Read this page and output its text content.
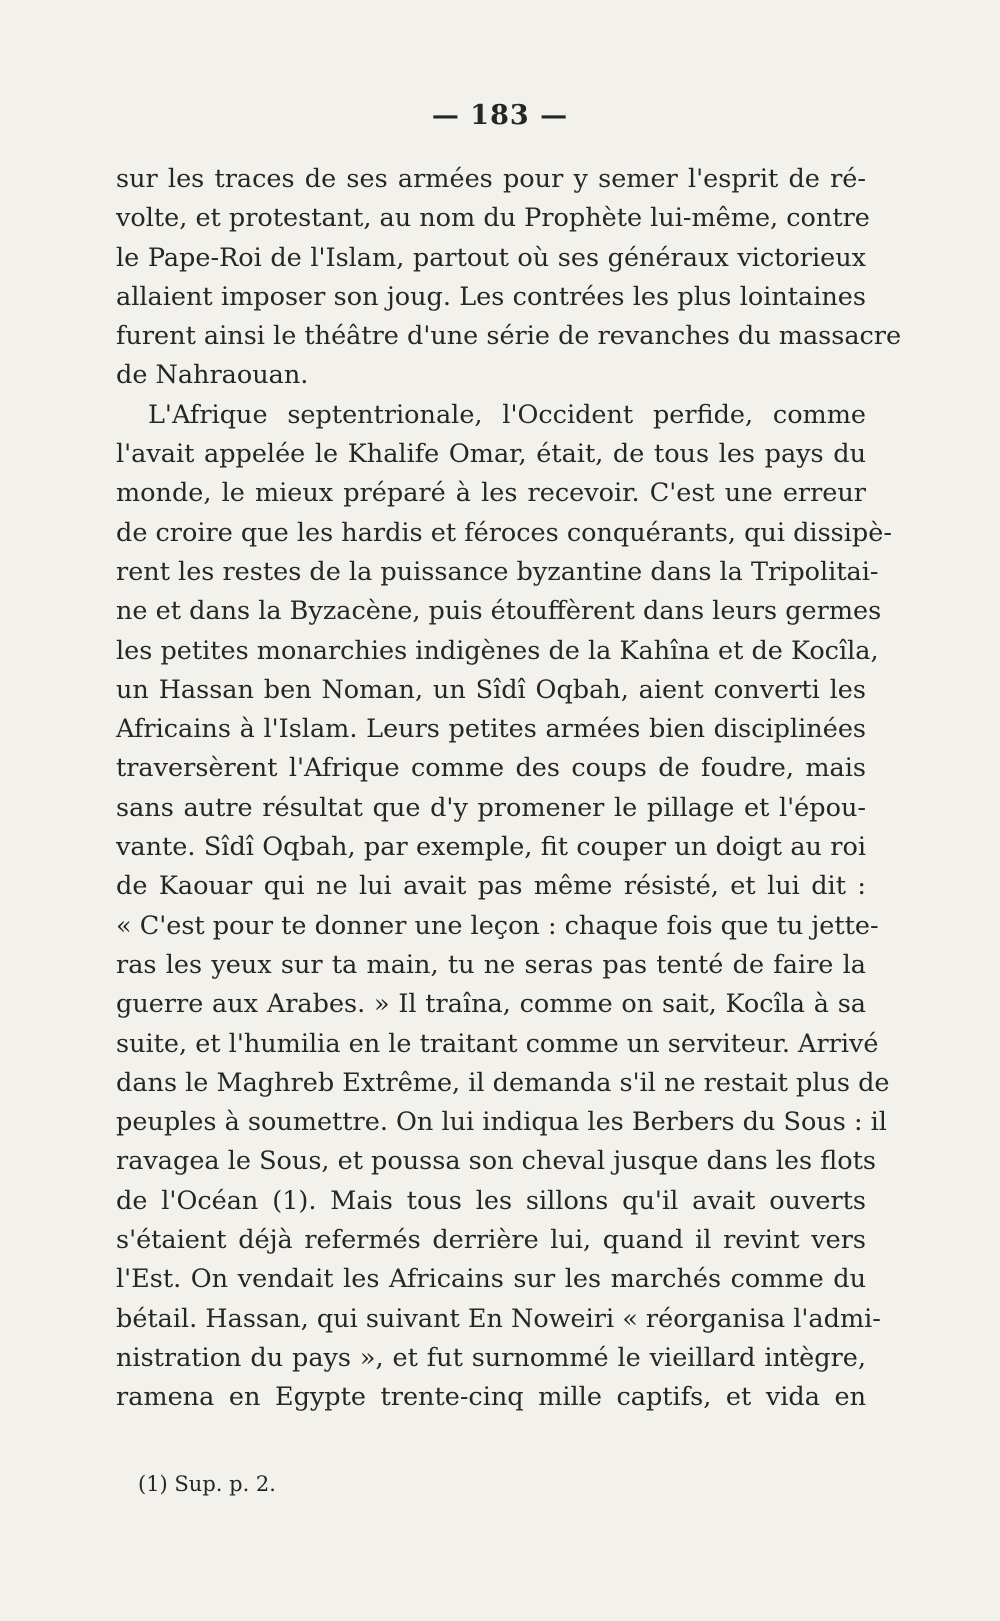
— 183 —
sur les traces de ses armées pour y semer l'esprit de ré-
volte, et protestant, au nom du Prophète lui-même, contre
le Pape-Roi de l'Islam, partout où ses généraux victorieux
allaient imposer son joug. Les contrées les plus lointaines
furent ainsi le théâtre d'une série de revanches du massacre
de Nahraouan.
L'Afrique septentrionale, l'Occident perfide, comme
l'avait appelée le Khalife Omar, était, de tous les pays du
monde, le mieux préparé à les recevoir. C'est une erreur
de croire que les hardis et féroces conquérants, qui dissipè-
rent les restes de la puissance byzantine dans la Tripolitai-
ne et dans la Byzacène, puis étouffèrent dans leurs germes
les petites monarchies indigènes de la Kahîna et de Kocîla,
un Hassan ben Noman, un Sîdî Oqbah, aient converti les
Africains à l'Islam. Leurs petites armées bien disciplinées
traversèrent l'Afrique comme des coups de foudre, mais
sans autre résultat que d'y promener le pillage et l'épou-
vante. Sîdî Oqbah, par exemple, fit couper un doigt au roi
de Kaouar qui ne lui avait pas même résisté, et lui dit :
« C'est pour te donner une leçon : chaque fois que tu jette-
ras les yeux sur ta main, tu ne seras pas tenté de faire la
guerre aux Arabes. » Il traîna, comme on sait, Kocîla à sa
suite, et l'humilia en le traitant comme un serviteur. Arrivé
dans le Maghreb Extrême, il demanda s'il ne restait plus de
peuples à soumettre. On lui indiqua les Berbers du Sous : il
ravagea le Sous, et poussa son cheval jusque dans les flots
de l'Océan (1). Mais tous les sillons qu'il avait ouverts
s'étaient déjà refermés derrière lui, quand il revint vers
l'Est. On vendait les Africains sur les marchés comme du
bétail. Hassan, qui suivant En Noweiri « réorganisa l'admi-
nistration du pays », et fut surnommé le vieillard intègre,
ramena en Egypte trente-cinq mille captifs, et vida en
(1) Sup. p. 2.
